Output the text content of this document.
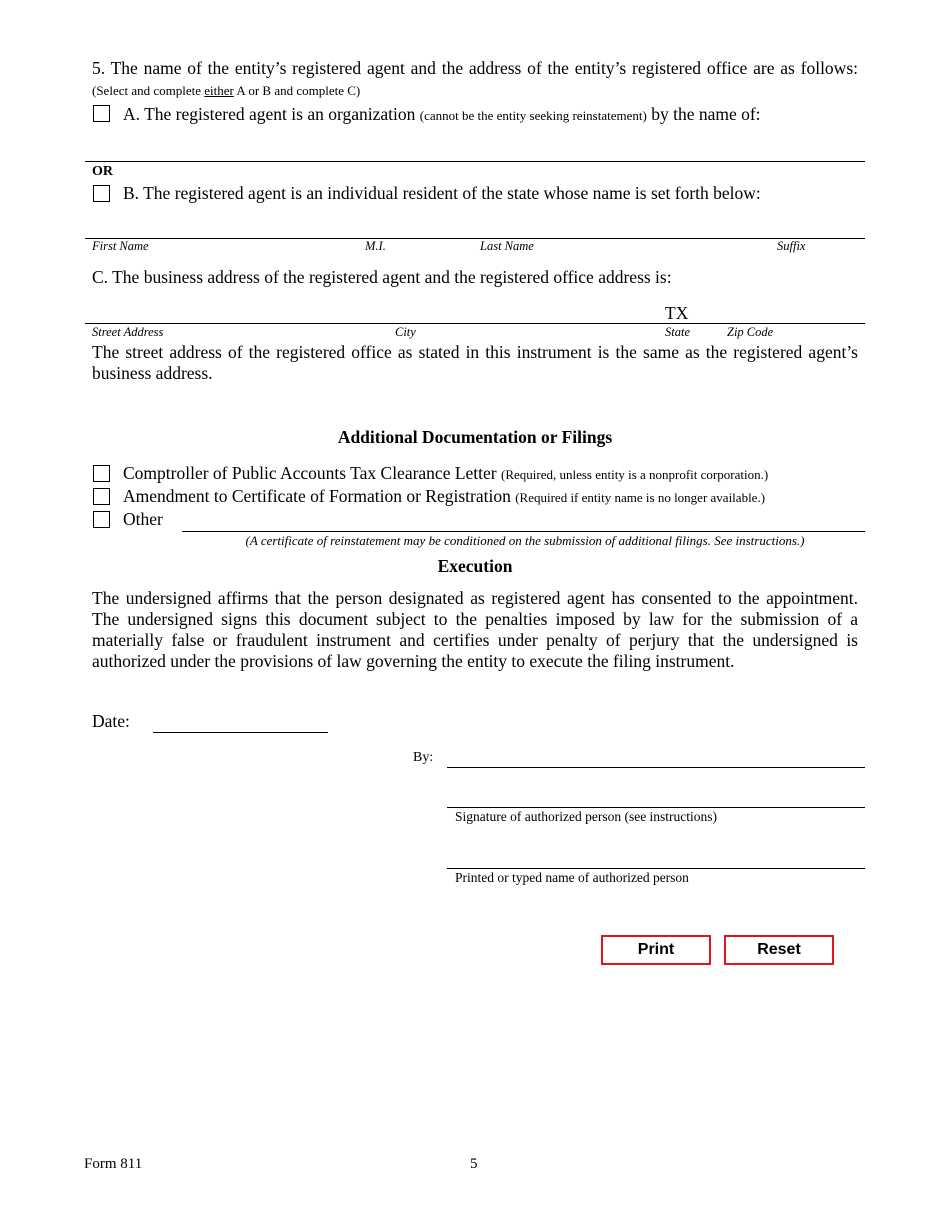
5. The name of the entity’s registered agent and the address of the entity’s registered office are as follows: (Select and complete either A or B and complete C)
A. The registered agent is an organization (cannot be the entity seeking reinstatement) by the name of:
OR
B. The registered agent is an individual resident of the state whose name is set forth below:
First Name	M.I.	Last Name	Suffix
C. The business address of the registered agent and the registered office address is:
TX
Street Address	City	State	Zip Code
The street address of the registered office as stated in this instrument is the same as the registered agent’s business address.
Additional Documentation or Filings
Comptroller of Public Accounts Tax Clearance Letter (Required, unless entity is a nonprofit corporation.)
Amendment to Certificate of Formation or Registration (Required if entity name is no longer available.)
Other
(A certificate of reinstatement may be conditioned on the submission of additional filings. See instructions.)
Execution
The undersigned affirms that the person designated as registered agent has consented to the appointment. The undersigned signs this document subject to the penalties imposed by law for the submission of a materially false or fraudulent instrument and certifies under penalty of perjury that the undersigned is authorized under the provisions of law governing the entity to execute the filing instrument.
Date:
By:
Signature of authorized person (see instructions)
Printed or typed name of authorized person
Print	Reset
Form 811	5
